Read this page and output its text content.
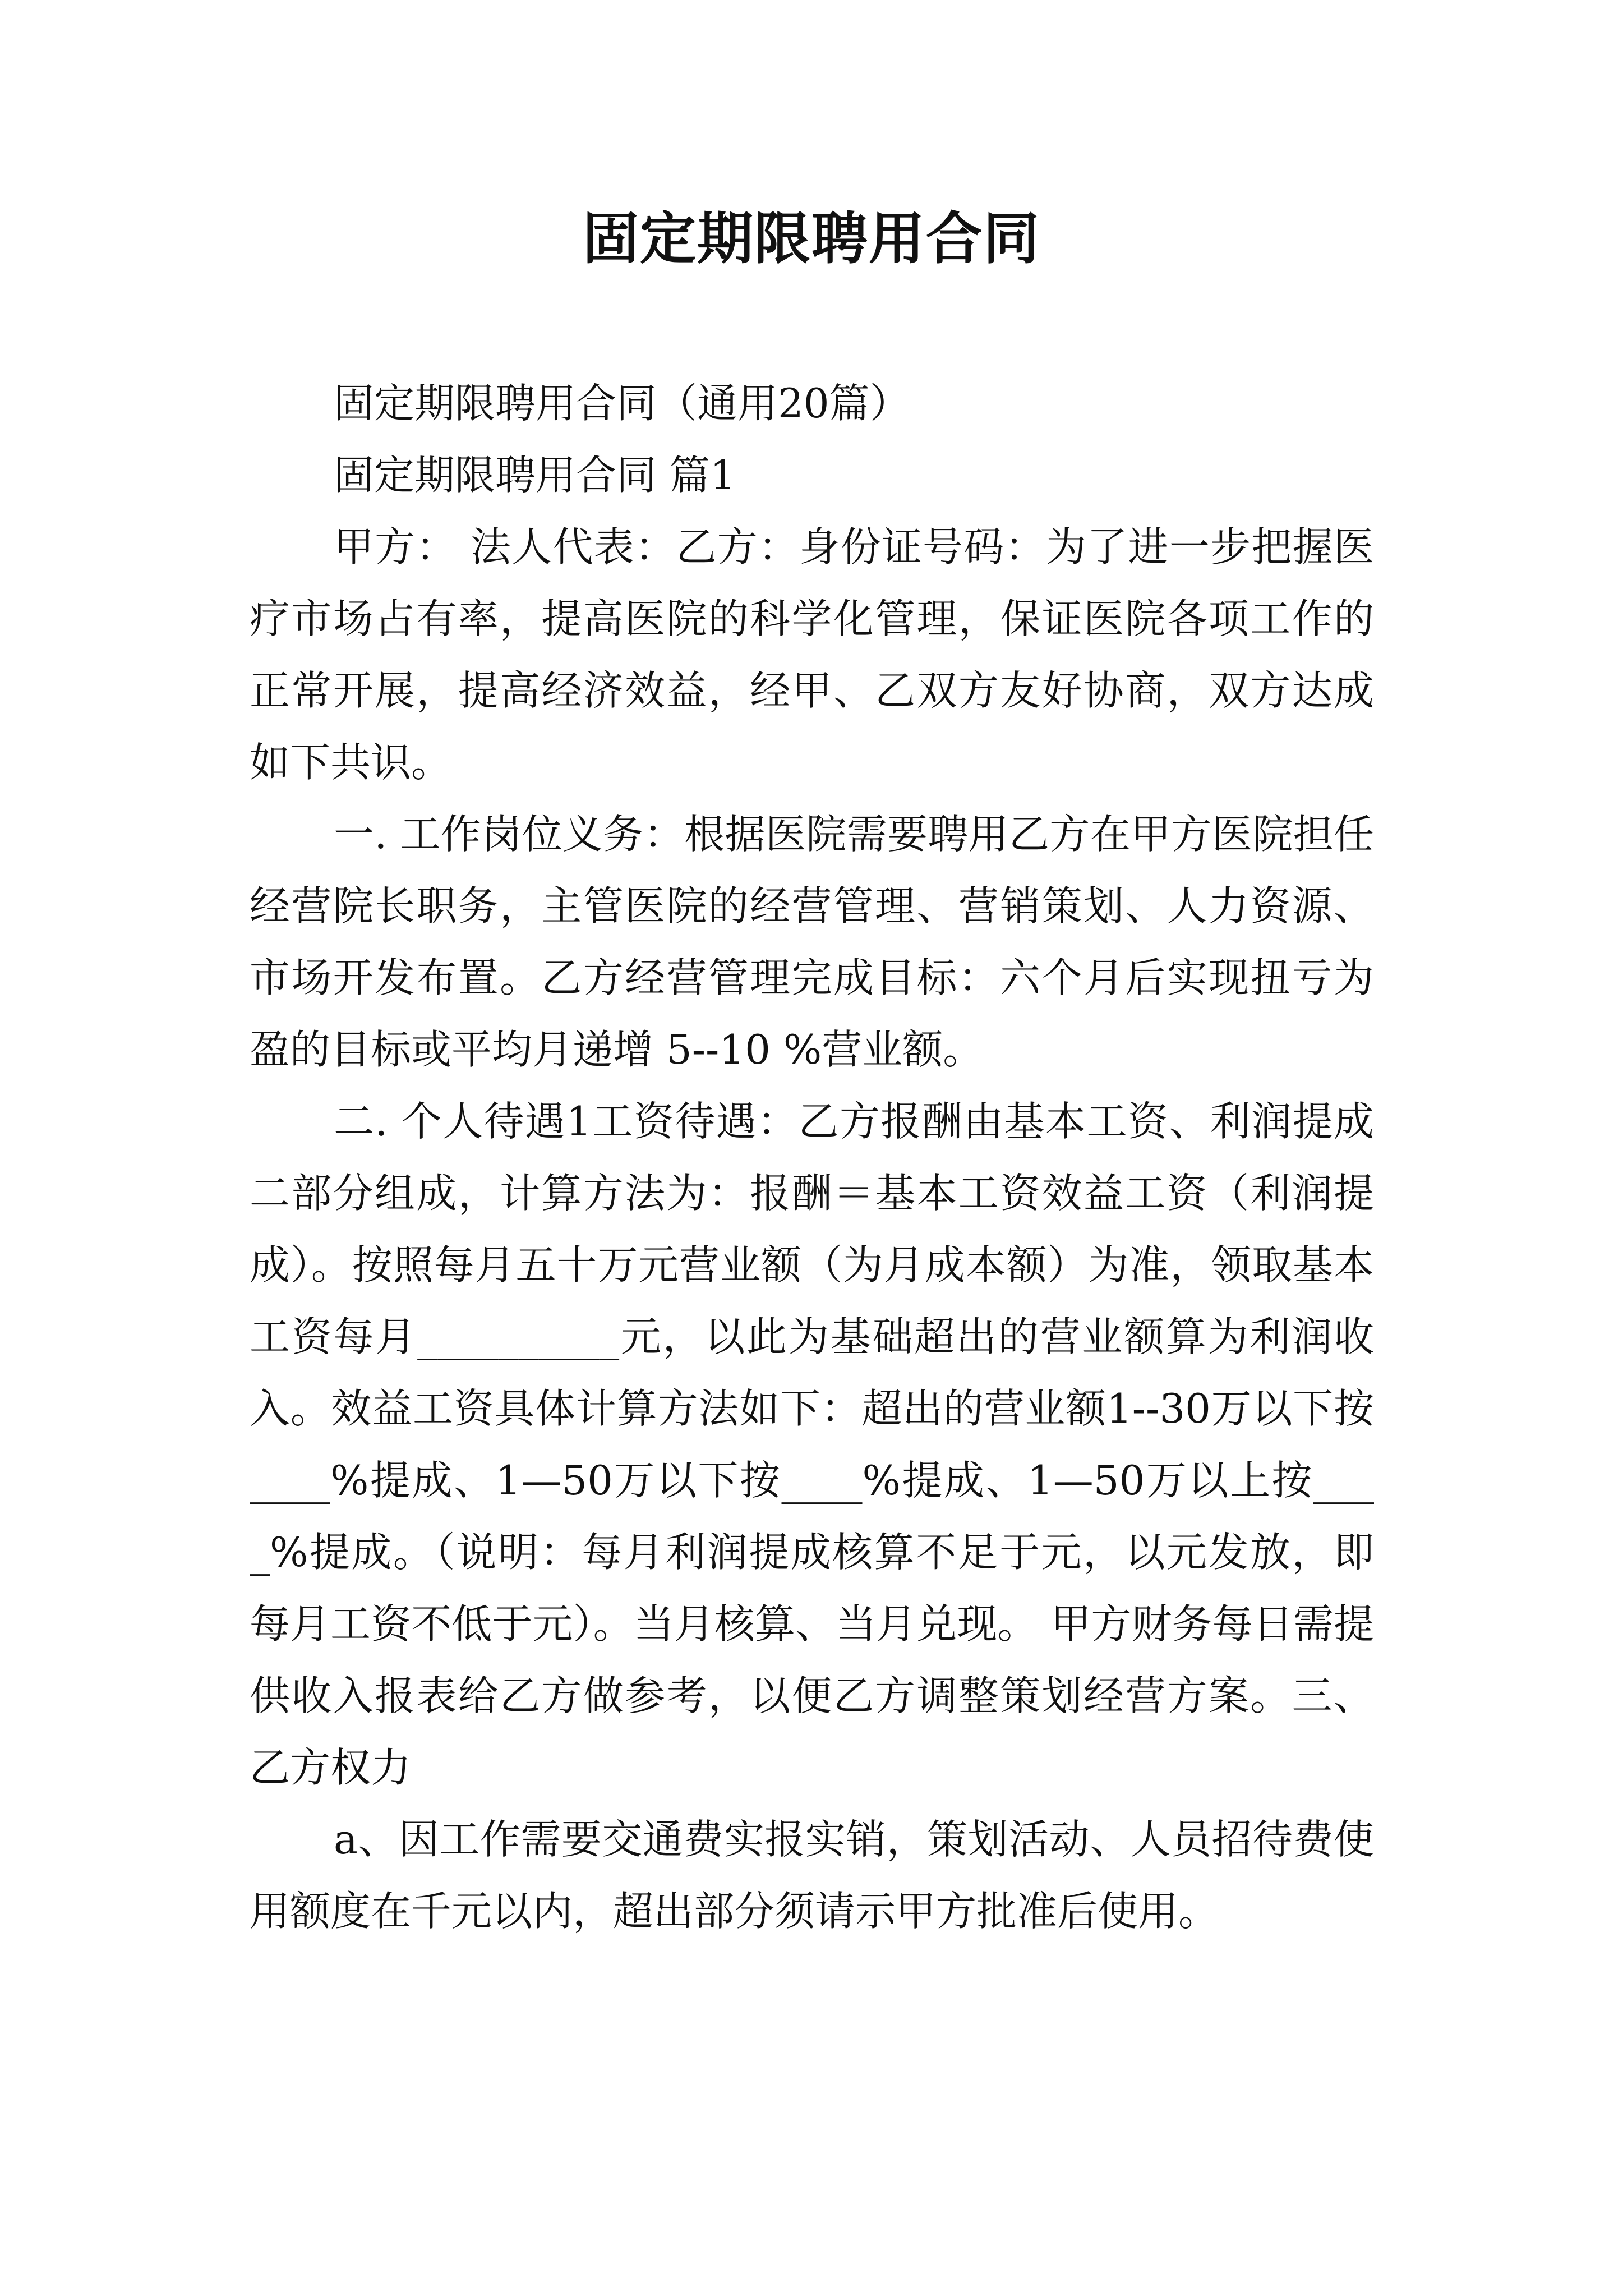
固定期限聘用合同

固定期限聘用合同（通用20篇）

固定期限聘用合同 篇1

甲方： 法人代表：乙方：身份证号码：为了进一步把握医疗市场占有率，提高医院的科学化管理，保证医院各项工作的正常开展，提高经济效益，经甲、乙双方友好协商，双方达成如下共识。

一. 工作岗位义务：根据医院需要聘用乙方在甲方医院担任经营院长职务，主管医院的经营管理、营销策划、人力资源、市场开发布置。乙方经营管理完成目标：六个月后实现扭亏为盈的目标或平均月递增 5--10 %营业额。

二. 个人待遇1工资待遇：乙方报酬由基本工资、利润提成二部分组成，计算方法为：报酬＝基本工资效益工资（利润提成）。按照每月五十万元营业额（为月成本额）为准，领取基本工资每月__________元，以此为基础超出的营业额算为利润收入。效益工资具体计算方法如下：超出的营业额1--30万以下按____%提成、1—50万以下按____%提成、1—50万以上按____%提成。（说明：每月利润提成核算不足于元，以元发放，即每月工资不低于元）。当月核算、当月兑现。 甲方财务每日需提供收入报表给乙方做参考，以便乙方调整策划经营方案。三、乙方权力

a、因工作需要交通费实报实销，策划活动、人员招待费使用额度在千元以内，超出部分须请示甲方批准后使用。
